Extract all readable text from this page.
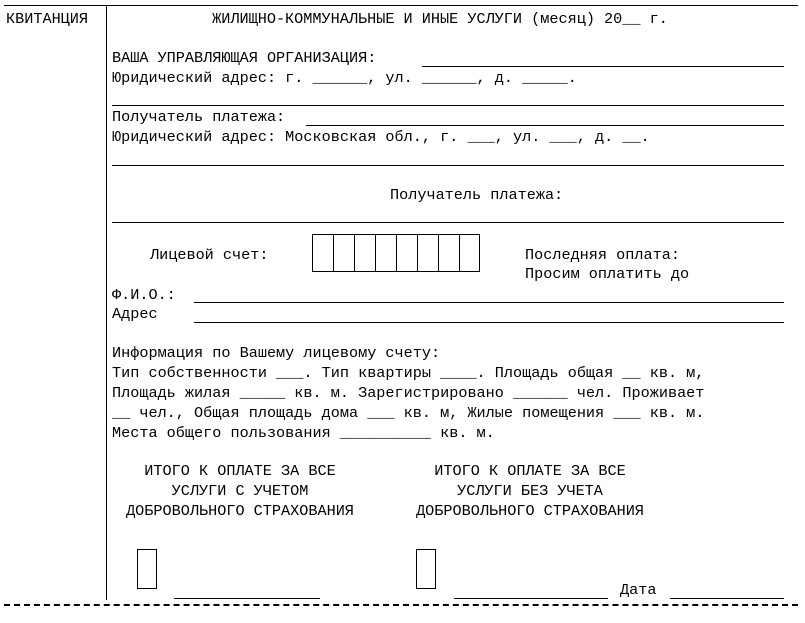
КВИТАНЦИЯ	ЖИЛИЩНО-КОММУНАЛЬНЫЕ И ИНЫЕ УСЛУГИ (месяц) 20__ г.
ВАША УПРАВЛЯЮЩАЯ ОРГАНИЗАЦИЯ:
Юридический адрес: г. ______, ул. ______, д. _____.
Получатель платежа:
Юридический адрес: Московская обл., г. ___, ул. ___, д. __.
Получатель платежа:
Лицевой счет:	Последняя оплата:
Просим оплатить до
Ф.И.О.:
Адрес
Информация по Вашему лицевому счету:
Тип собственности ___. Тип квартиры ____. Площадь общая __ кв. м,
Площадь жилая _____ кв. м. Зарегистрировано ______ чел. Проживает
__ чел., Общая площадь дома ___ кв. м, Жилые помещения ___ кв. м.
Места общего пользования __________ кв. м.
ИТОГО К ОПЛАТЕ ЗА ВСЕ
УСЛУГИ С УЧЕТОМ
ДОБРОВОЛЬНОГО СТРАХОВАНИЯ
ИТОГО К ОПЛАТЕ ЗА ВСЕ
УСЛУГИ БЕЗ УЧЕТА
ДОБРОВОЛЬНОГО СТРАХОВАНИЯ
Дата
